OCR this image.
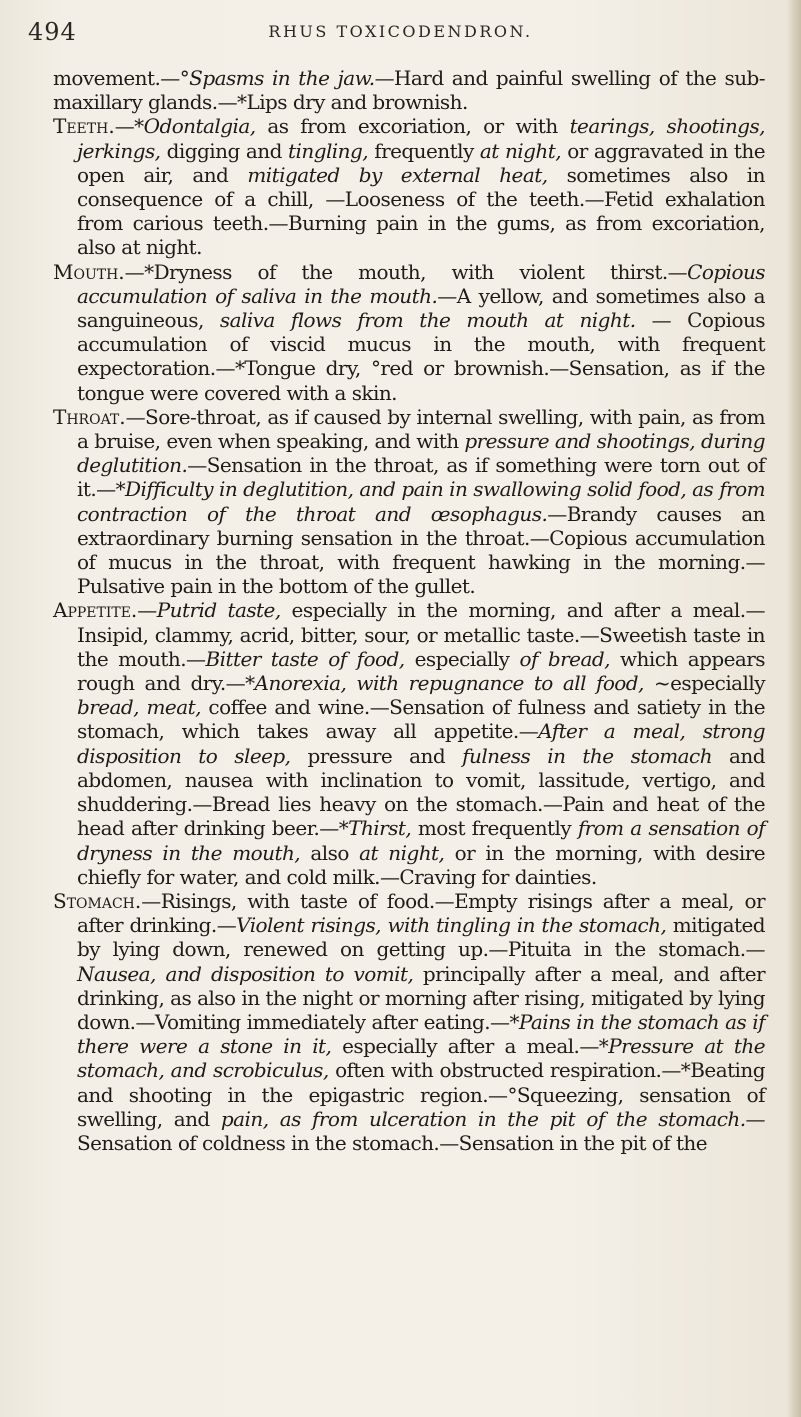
494	RHUS TOXICODENDRON.

movement.—°Spasms in the jaw.—Hard and painful swelling of the sub-maxillary glands.—*Lips dry and brownish.

Teeth.—*Odontalgia, as from excoriation, or with tearings, shootings, jerkings, digging and tingling, frequently at night, or aggravated in the open air, and mitigated by external heat, sometimes also in consequence of a chill, —Looseness of the teeth.—Fetid exhalation from carious teeth.—Burning pain in the gums, as from excoriation, also at night.

Mouth.—*Dryness of the mouth, with violent thirst.—Copious accumulation of saliva in the mouth.—A yellow, and sometimes also a sanguineous, saliva flows from the mouth at night. — Copious accumulation of viscid mucus in the mouth, with frequent expectoration.—*Tongue dry, °red or brownish.—Sensation, as if the tongue were covered with a skin.

Throat.—Sore-throat, as if caused by internal swelling, with pain, as from a bruise, even when speaking, and with pressure and shootings, during deglutition.—Sensation in the throat, as if something were torn out of it.—*Difficulty in deglutition, and pain in swallowing solid food, as from contraction of the throat and œsophagus.—Brandy causes an extraordinary burning sensation in the throat.—Copious accumulation of mucus in the throat, with frequent hawking in the morning.—Pulsative pain in the bottom of the gullet.

Appetite.—Putrid taste, especially in the morning, and after a meal.—Insipid, clammy, acrid, bitter, sour, or metallic taste.—Sweetish taste in the mouth.—Bitter taste of food, especially of bread, which appears rough and dry.—*Anorexia, with repugnance to all food, ~especially bread, meat, coffee and wine.—Sensation of fulness and satiety in the stomach, which takes away all appetite.—After a meal, strong disposition to sleep, pressure and fulness in the stomach and abdomen, nausea with inclination to vomit, lassitude, vertigo, and shuddering.—Bread lies heavy on the stomach.—Pain and heat of the head after drinking beer.—*Thirst, most frequently from a sensation of dryness in the mouth, also at night, or in the morning, with desire chiefly for water, and cold milk.—Craving for dainties.

Stomach.—Risings, with taste of food.—Empty risings after a meal, or after drinking.—Violent risings, with tingling in the stomach, mitigated by lying down, renewed on getting up.—Pituita in the stomach.—Nausea, and disposition to vomit, principally after a meal, and after drinking, as also in the night or morning after rising, mitigated by lying down.—Vomiting immediately after eating.—*Pains in the stomach as if there were a stone in it, especially after a meal.—*Pressure at the stomach, and scrobiculus, often with obstructed respiration.—*Beating and shooting in the epigastric region.—°Squeezing, sensation of swelling, and pain, as from ulceration in the pit of the stomach.—Sensation of coldness in the stomach.—Sensation in the pit of the
